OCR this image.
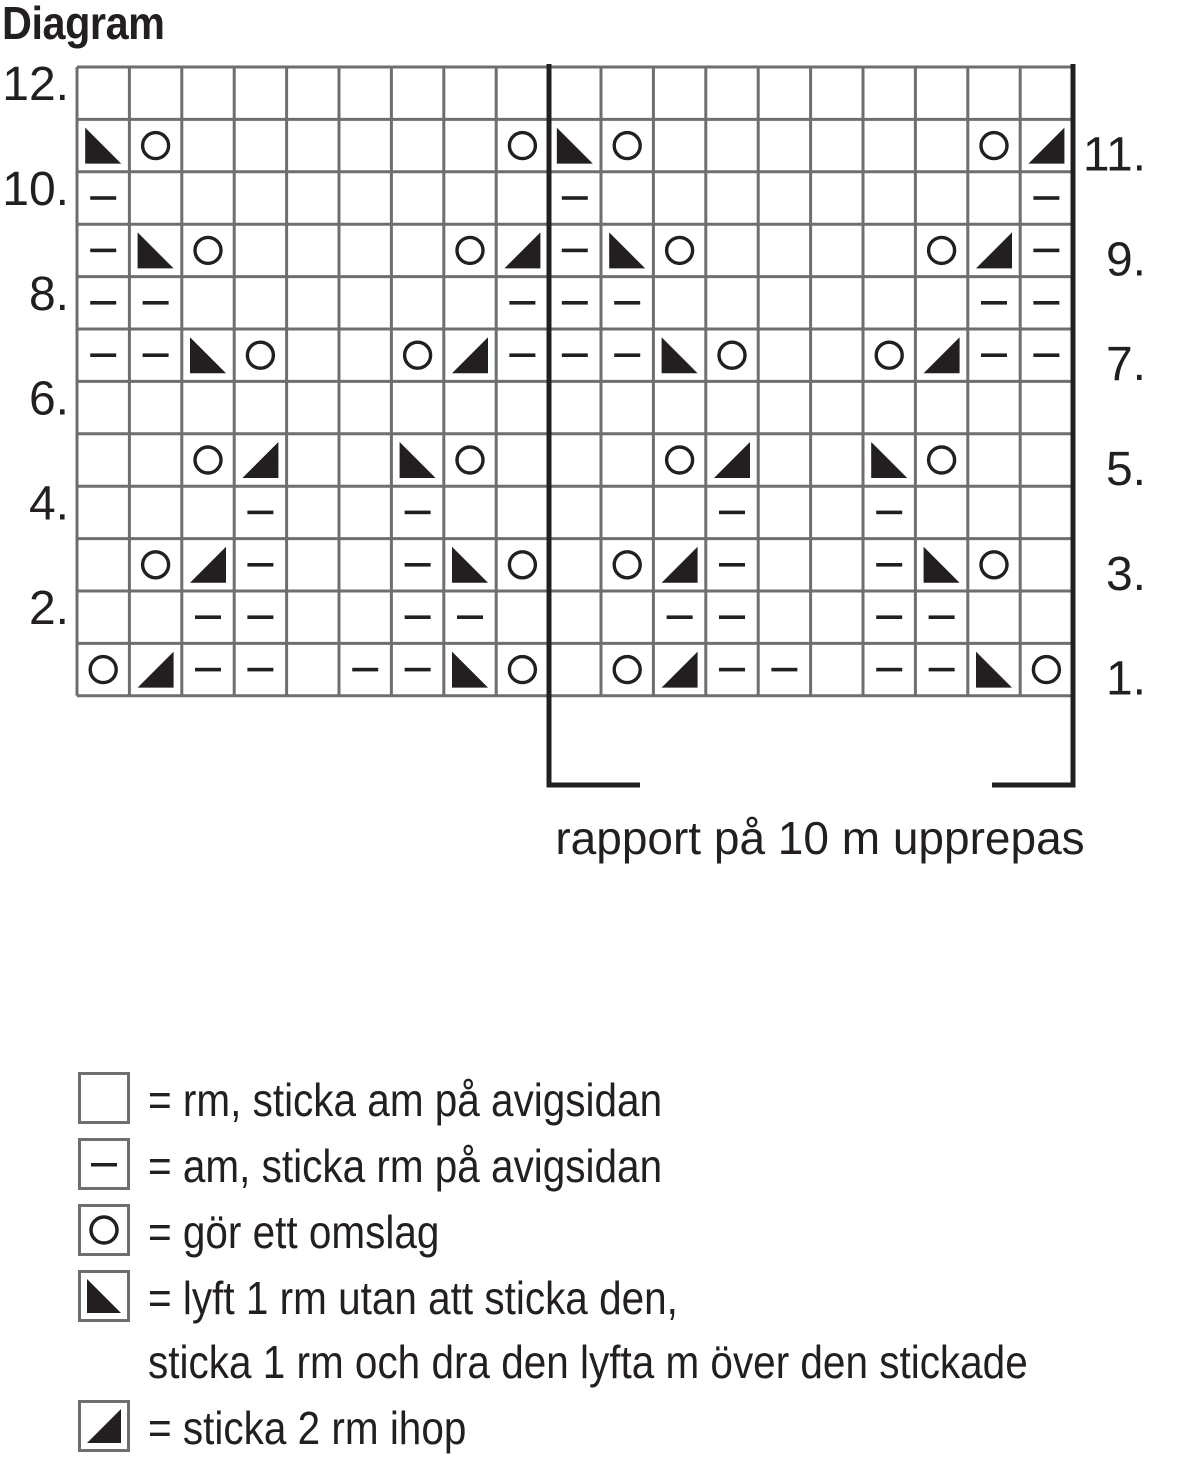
Diagram
12.
11.
10.
9.
8.
7.
6.
5.
4.
3.
2.
1.
rapport på 10 m upprepas
= rm, sticka am på avigsidan
= am, sticka rm på avigsidan
= gör ett omslag
= lyft 1 rm utan att sticka den,
sticka 1 rm och dra den lyfta m över den stickade
= sticka 2 rm ihop
